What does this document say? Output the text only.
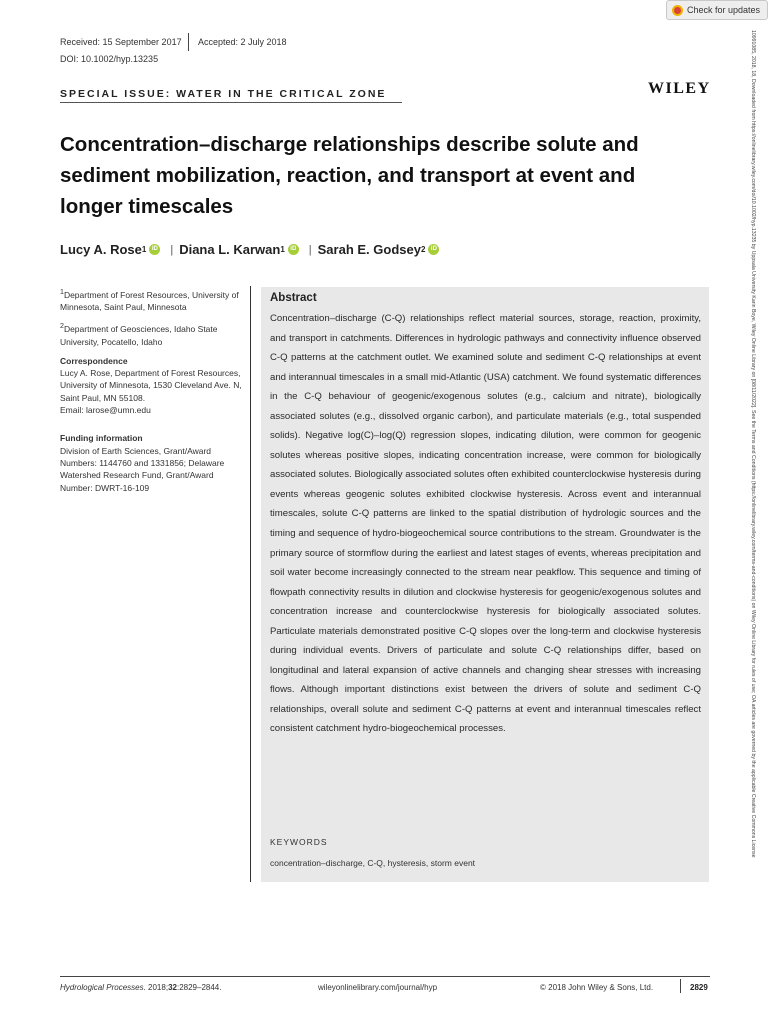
Check for updates
Received: 15 September 2017 Accepted: 2 July 2018
DOI: 10.1002/hyp.13235
SPECIAL ISSUE: WATER IN THE CRITICAL ZONE	WILEY
Concentration–discharge relationships describe solute and sediment mobilization, reaction, and transport at event and longer timescales
Lucy A. Rose 1 iD | Diana L. Karwan 1 iD | Sarah E. Godsey 2 iD

$^1$Department of Forest Resources, University of Minnesota, Saint Paul, Minnesota

$^2$Department of Geosciences, Idaho State University, Pocatello, Idaho

Correspondence

Lucy A. Rose, Department of Forest Resources, University of Minnesota, 1530 Cleveland Ave. N, Saint Paul, MN 55108.

Email: larose@umn.edu

Funding information

Division of Earth Sciences, Grant/Award Numbers: 1144760 and 1331856; Delaware Watershed Research Fund, Grant/Award Number: DWRT-16-109

Abstract
Concentration–discharge (C-Q) relationships reflect material sources, storage, reaction, proximity, and transport in catchments. Differences in hydrologic pathways and connectivity influence observed C-Q patterns at the catchment outlet. We examined solute and sediment C-Q relationships at event and interannual timescales in a small mid-Atlantic (USA) catchment. We found systematic differences in the C-Q behaviour of geogenic/exogenous solutes (e.g., calcium and nitrate), biologically associated solutes (e.g., dissolved organic carbon), and particulate materials (e.g., total suspended solids). Negative log(C)–log(Q) regression slopes, indicating dilution, were common for geogenic solutes whereas positive slopes, indicating concentration increase, were common for biologically associated solutes. Biologically associated solutes often exhibited counterclockwise hysteresis during events whereas geogenic solutes exhibited clockwise hysteresis. Across event and interannual timescales, solute C-Q patterns are linked to the spatial distribution of hydrologic sources and the timing and sequence of hydro-biogeochemical source contributions to the stream. Groundwater is the primary source of stormflow during the earliest and latest stages of events, whereas precipitation and soil water become increasingly connected to the stream near peakflow. This sequence and timing of flowpath connectivity results in dilution and clockwise hysteresis for geogenic/exogenous solutes and concentration increase and counterclockwise hysteresis for biologically associated solutes. Particulate materials demonstrated positive C-Q slopes over the long-term and clockwise hysteresis during individual events. Drivers of particulate and solute C-Q relationships differ, based on longitudinal and lateral expansion of active channels and changing shear stresses with increasing flows. Although important distinctions exist between the drivers of solute and sediment C-Q relationships, overall solute and sediment C-Q patterns at event and interannual timescales reflect consistent catchment hydro-biogeochemical processes.
KEYWORDS
concentration–discharge, C-Q, hysteresis, storm event
10991085, 2018, 18, Downloaded from https://onlinelibrary.wiley.com/doi/10.1002/hyp.13235 by Uppsala University Karin Boye, Wiley Online Library on [08/11/2022]. See the Terms and Conditions (https://onlinelibrary.wiley.com/terms-and-conditions) on Wiley Online Library for rules of use; OA articles are governed by the applicable Creative Commons License
Hydrological Processes. 2018;32:2829–2844.	wileyonlinelibrary.com/journal/hyp	© 2018 John Wiley & Sons, Ltd.	2829
